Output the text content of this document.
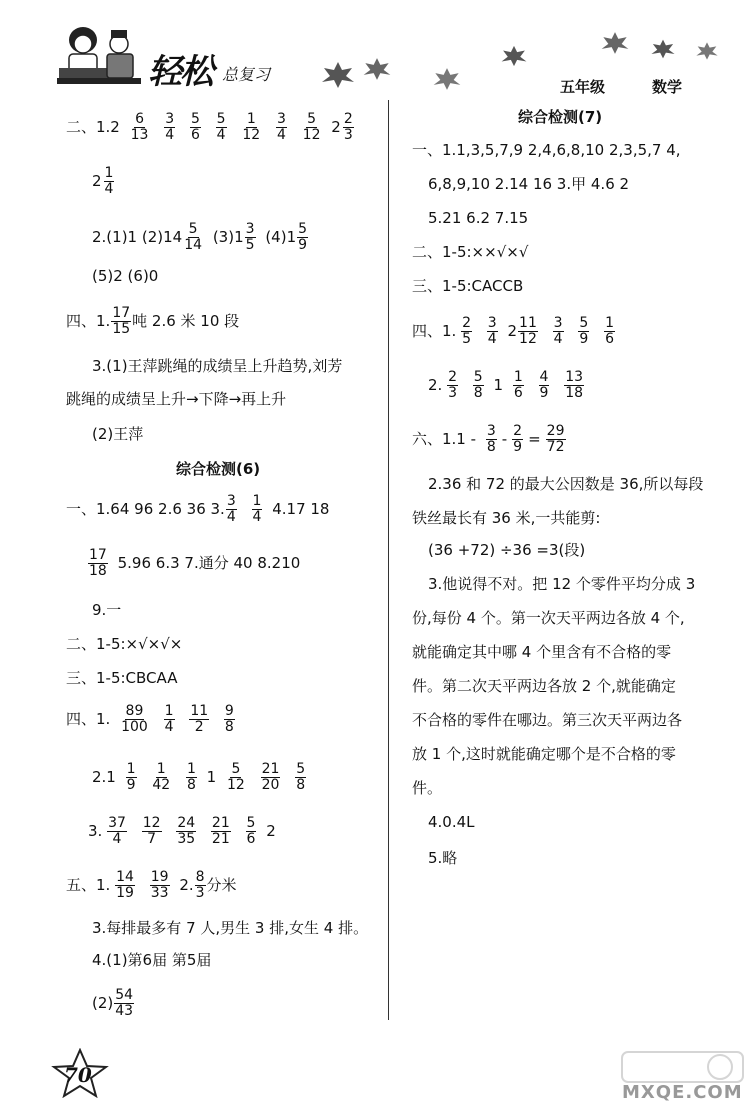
轻松 总复习
五年级	数学
二、$1.2 \frac{6}{13}$
$\frac{3}{4}$
$\frac{5}{6}$
$\frac{5}{4}$
$\frac{1}{12}$
$\frac{3}{4}$
$\frac{5}{12} 2 \frac{2}{3}$
$2 \frac{1}{4}$
2.(1)1 $(2)14 \frac{5}{14} (3)1 \frac{3}{5} (4)1 \frac{5}{9}$
(5)2 (6)0
四、1. $\frac{17}{15}$ 吨 2.6 米 10 段
3.(1)王萍跳绳的成绩呈上升趋势,刘芳
跳绳的成绩呈上升→下降→再上升
(2)王萍
综合检测(6)
一、1.64 96 2.6 36 3. $\frac{3}{4}$
$\frac{1}{4} 4.17$ 18
$\frac{17}{18} 5.96$ 6.3 7.通分 40 8.210
9.一
二、1-5:×√×√×
三、1-5:CBCAA
四、1. $\frac{89}{100}$
$\frac{1}{4}$
$\frac{11}{2}$
$\frac{9}{8}$
$2.1 \frac{1}{9}$
$\frac{1}{42}$
$\frac{1}{8} 1 \frac{5}{12}$
$\frac{21}{20}$
$\frac{5}{8}$
3. $\frac{37}{4}$
$\frac{12}{7}$
$\frac{24}{35}$
$\frac{21}{21}$
$\frac{5}{6} 2$
五、1. $\frac{14}{19}$
$\frac{19}{33} 2$. $\frac{8}{3}$ 分米
3.每排最多有 7 人,男生 3 排,女生 4 排。
4.(1)第6届 第5届
$(2) \frac{54}{43}$
综合检测(7)
一、1.1,3,5,7,9 2,4,6,8,10 2,3,5,7 4,
6,8,9,10 2.14 16 3.甲 4.6 2
5.21 6.2 7.15
二、1-5:××√×√
三、1-5:CACCB
四、1. $\frac{2}{5}$
$\frac{3}{4} 2 \frac{11}{12}$
$\frac{3}{4}$
$\frac{5}{9}$
$\frac{1}{6}$
2. $\frac{2}{3}$
$\frac{5}{8} 1 \frac{1}{6}$
$\frac{4}{9}$
$\frac{13}{18}$
六、$1.1 - \frac{3}{8} - \frac{2}{9} = \frac{29}{72}$
2.36 和 72 的最大公因数是 36,所以每段
铁丝最长有 36 米,一共能剪:
(36 +72) ÷36 =3(段)
3.他说得不对。把 12 个零件平均分成 3
份,每份 4 个。第一次天平两边各放 4 个,
就能确定其中哪 4 个里含有不合格的零
件。第二次天平两边各放 2 个,就能确定
不合格的零件在哪边。第三次天平两边各
放 1 个,这时就能确定哪个是不合格的零
件。
4.0.4L
5.略
70
MXQE.COM
